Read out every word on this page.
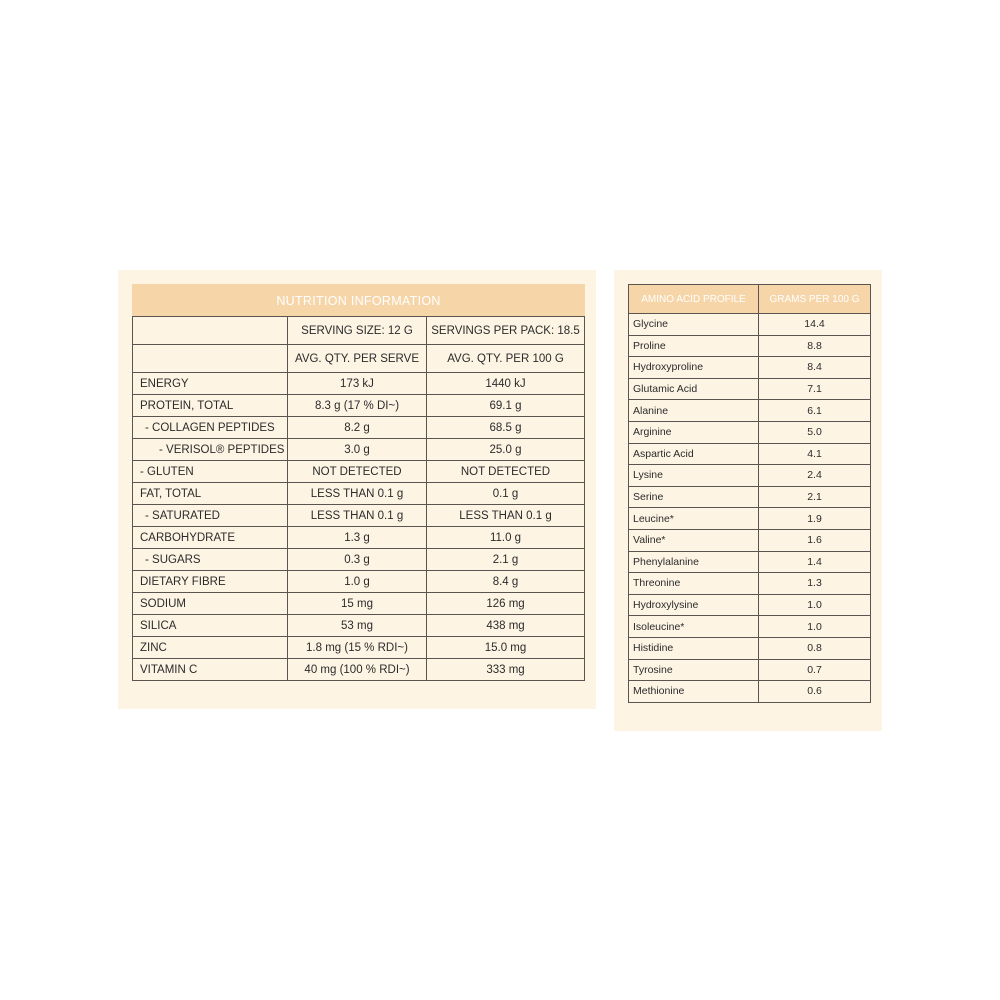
NUTRITION INFORMATION		
	SERVING SIZE: 12 G	SERVINGS PER PACK: 18.5
	AVG. QTY. PER SERVE	AVG. QTY. PER 100 G
ENERGY	173 kJ	1440 kJ
PROTEIN, TOTAL	8.3 g (17 % DI~)	69.1 g
- COLLAGEN PEPTIDES	8.2 g	68.5 g
- VERISOL® PEPTIDES	3.0 g	25.0 g
- GLUTEN	NOT DETECTED	NOT DETECTED
FAT, TOTAL	LESS THAN 0.1 g	0.1 g
- SATURATED	LESS THAN 0.1 g	LESS THAN 0.1 g
CARBOHYDRATE	1.3 g	11.0 g
- SUGARS	0.3 g	2.1 g
DIETARY FIBRE	1.0 g	8.4 g
SODIUM	15 mg	126 mg
SILICA	53 mg	438 mg
ZINC	1.8 mg (15 % RDI~)	15.0 mg
VITAMIN C	40 mg (100 % RDI~)	333 mg
AMINO ACID PROFILE	GRAMS PER 100 G
Glycine	14.4
Proline	8.8
Hydroxyproline	8.4
Glutamic Acid	7.1
Alanine	6.1
Arginine	5.0
Aspartic Acid	4.1
Lysine	2.4
Serine	2.1
Leucine*	1.9
Valine*	1.6
Phenylalanine	1.4
Threonine	1.3
Hydroxylysine	1.0
Isoleucine*	1.0
Histidine	0.8
Tyrosine	0.7
Methionine	0.6
